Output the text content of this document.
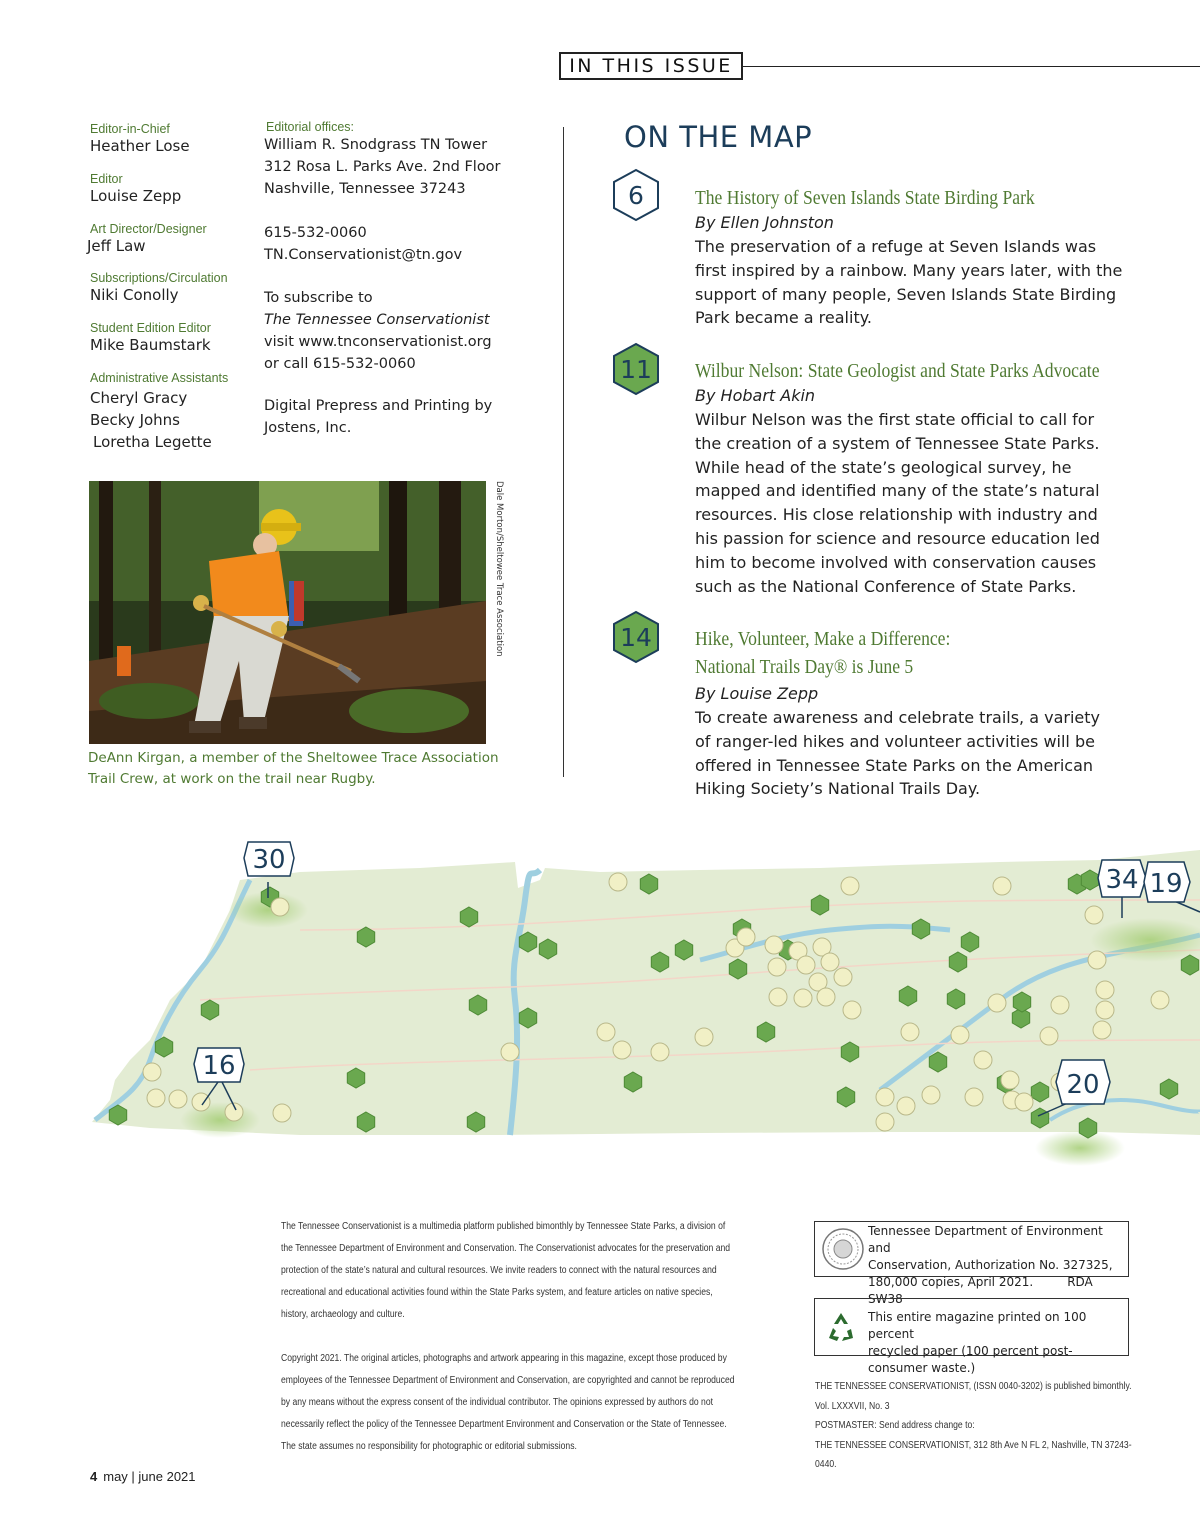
IN THIS ISSUE
Editor-in-Chief
Heather Lose
Editor
Louise Zepp
Art Director/Designer
Jeff Law
Subscriptions/Circulation
Niki Conolly
Student Edition Editor
Mike Baumstark
Administrative Assistants
Cheryl Gracy
Becky Johns
Loretha Legette
Editorial offices:
William R. Snodgrass TN Tower
312 Rosa L. Parks Ave. 2nd Floor
Nashville, Tennessee 37243
615-532-0060
TN.Conservationist@tn.gov
To subscribe to
The Tennessee Conservationist
visit www.tnconservationist.org
or call 615-532-0060
Digital Prepress and Printing by
Jostens, Inc.
Dale Morton/Sheltowee Trace Association
DeAnn Kirgan, a member of the Sheltowee Trace Association
Trail Crew, at work on the trail near Rugby.
ON THE MAP
6	The History of Seven Islands State Birding Park
By Ellen Johnston
The preservation of a refuge at Seven Islands was
first inspired by a rainbow. Many years later, with the
support of many people, Seven Islands State Birding
Park became a reality.
11 Wilbur Nelson: State Geologist and State Parks Advocate
By Hobart Akin
Wilbur Nelson was the first state official to call for
the creation of a system of Tennessee State Parks.
While head of the state’s geological survey, he
mapped and identified many of the state’s natural
resources. His close relationship with industry and
his passion for science and resource education led
him to become involved with conservation causes
such as the National Conference of State Parks.
14 Hike, Volunteer, Make a Difference:
National Trails Day® is June 5
By Louise Zepp
To create awareness and celebrate trails, a variety
of ranger-led hikes and volunteer activities will be
offered in Tennessee State Parks on the American
Hiking Society’s National Trails Day.
30
16
34 19
20
The Tennessee Conservationist is a multimedia platform published bimonthly by Tennessee State Parks, a division of
the Tennessee Department of Environment and Conservation. The Conservationist advocates for the preservation and
protection of the state’s natural and cultural resources. We invite readers to connect with the natural resources and
recreational and educational activities found within the State Parks system, and feature articles on native species,
history, archaeology and culture.
Copyright 2021. The original articles, photographs and artwork appearing in this magazine, except those produced by
employees of the Tennessee Department of Environment and Conservation, are copyrighted and cannot be reproduced
by any means without the express consent of the individual contributor. The opinions expressed by authors do not
necessarily reflect the policy of the Tennessee Department Environment and Conservation or the State of Tennessee.
The state assumes no responsibility for photographic or editorial submissions.
Tennessee Department of Environment and
Conservation, Authorization No. 327325,
180,000 copies, April 2021.	RDA SW38
This entire magazine printed on 100 percent
recycled paper (100 percent post-consumer waste.)
THE TENNESSEE CONSERVATIONIST, (ISSN 0040-3202) is published bimonthly.
Vol. LXXXVII, No. 3
POSTMASTER: Send address change to:
THE TENNESSEE CONSERVATIONIST, 312 8th Ave N FL 2, Nashville, TN 37243-0440.
4 may | june 2021
